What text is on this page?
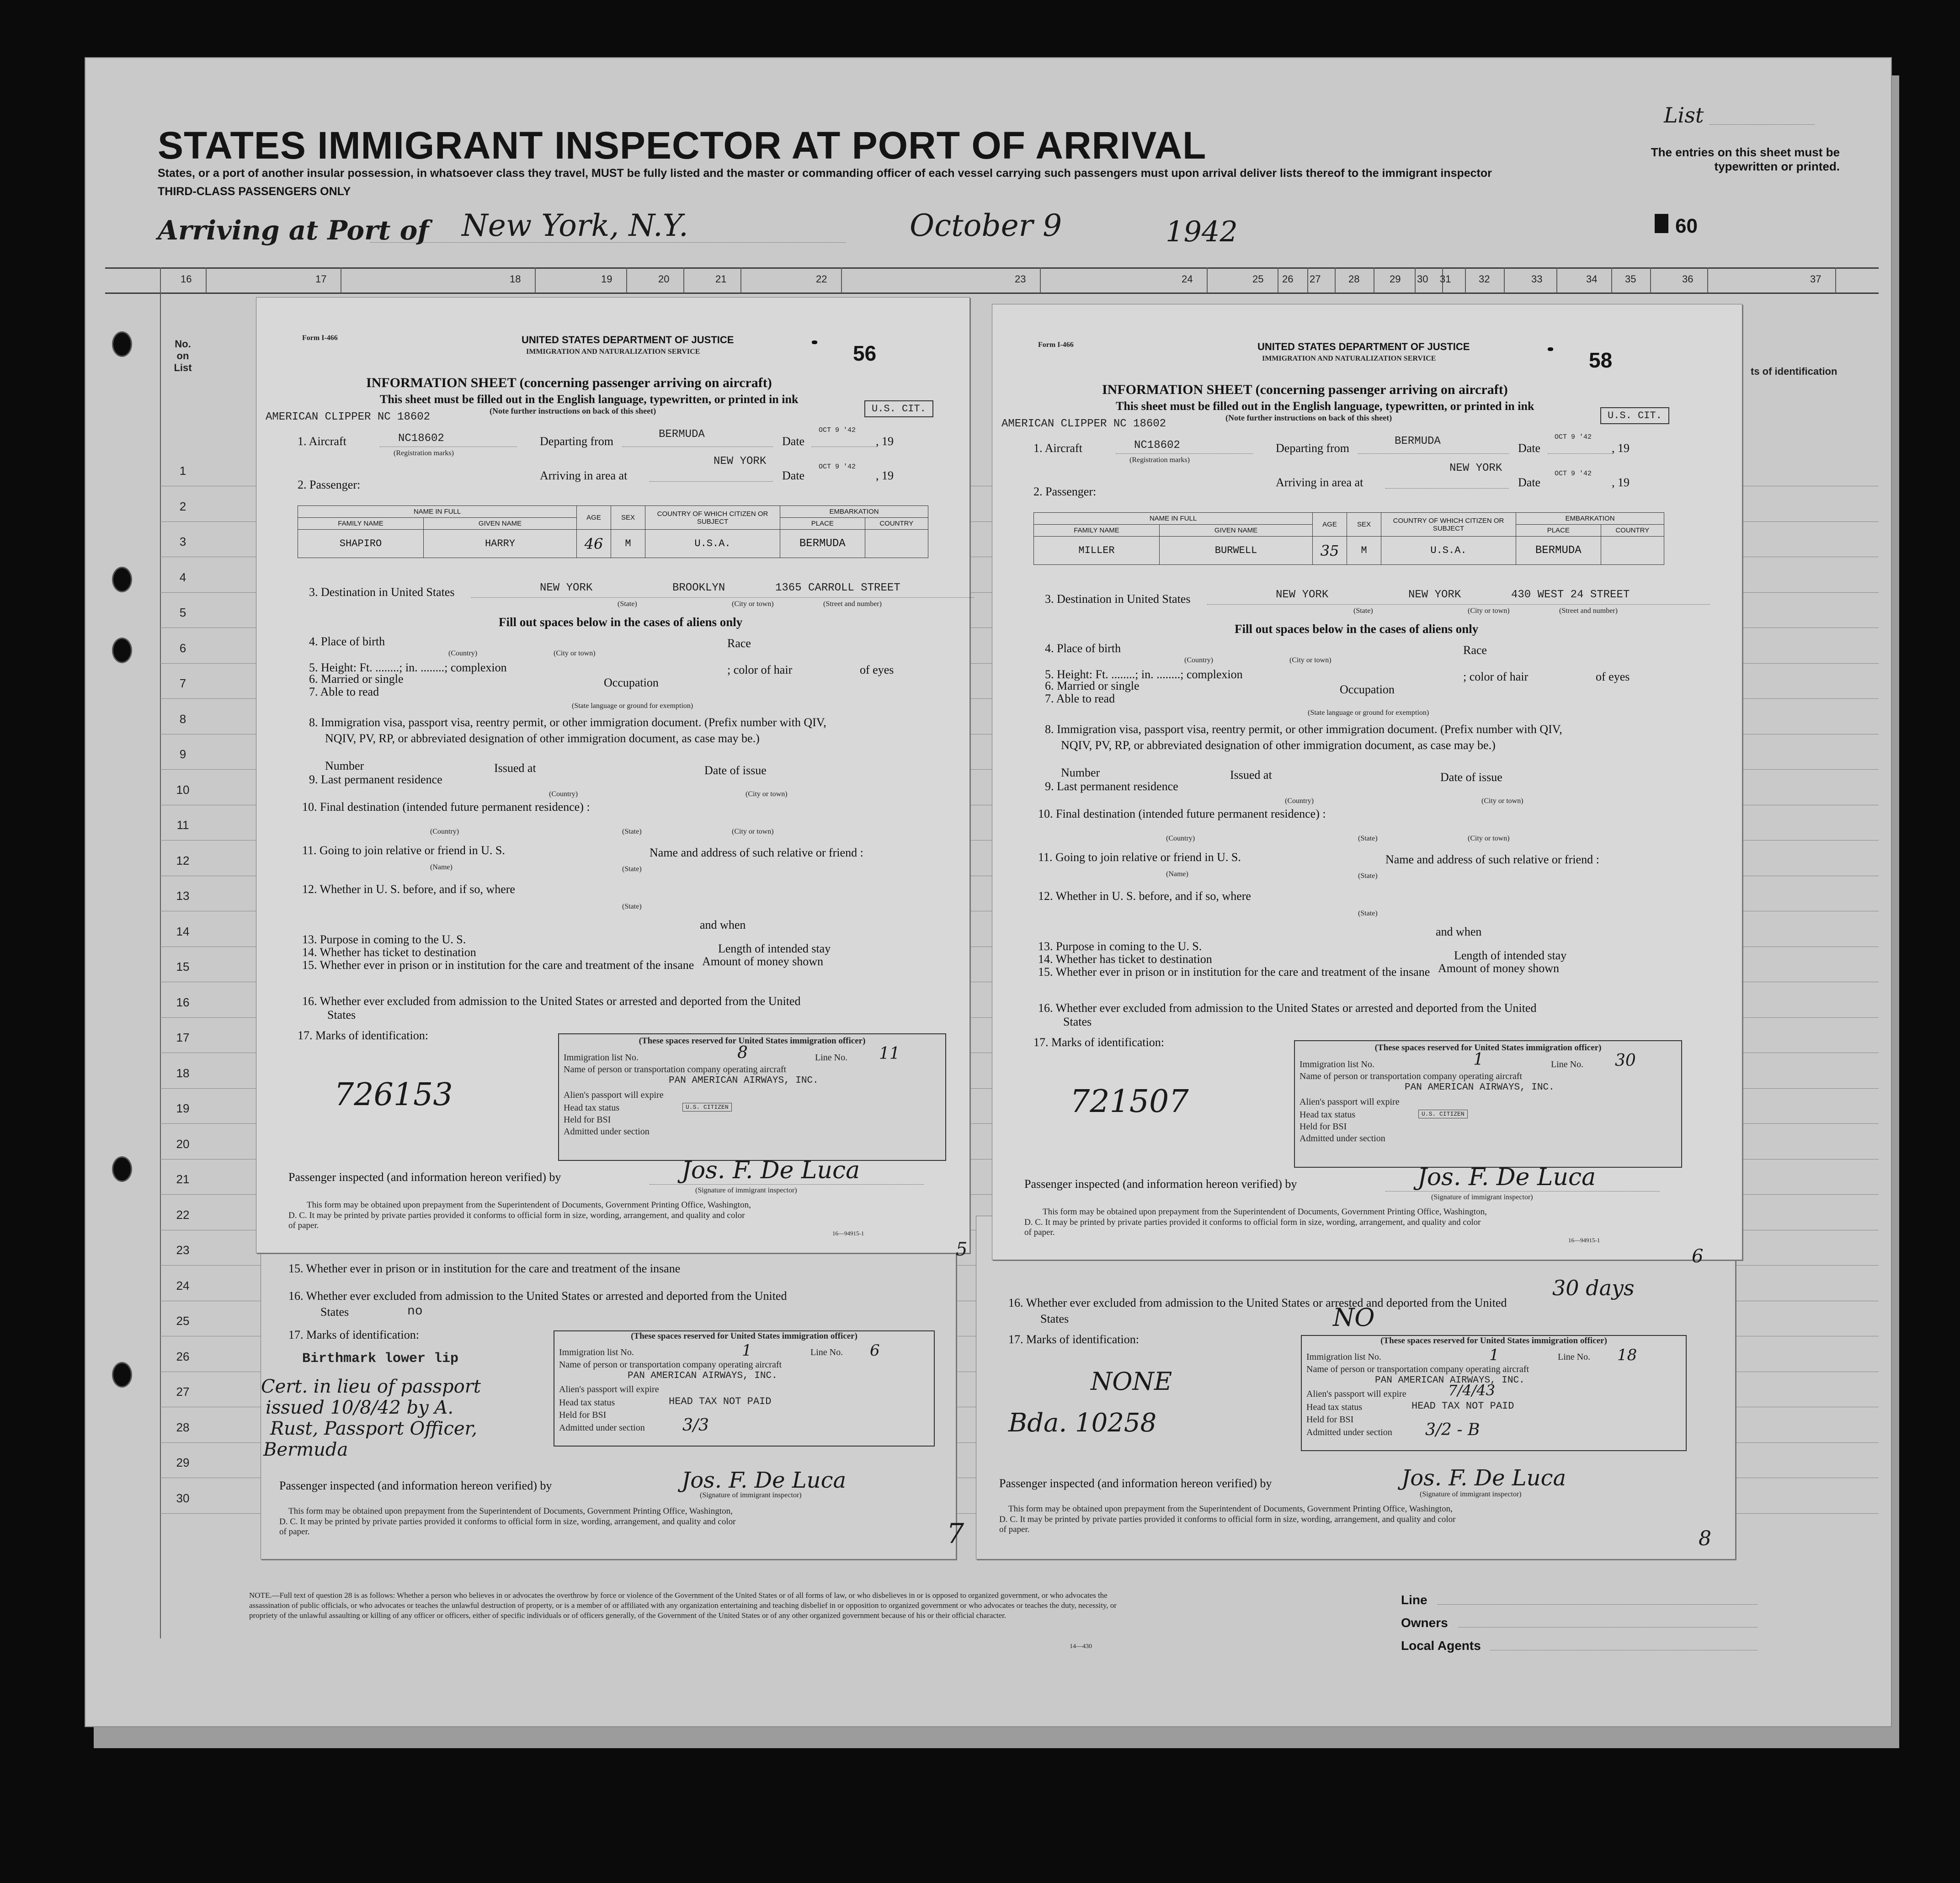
STATES IMMIGRANT INSPECTOR AT PORT OF ARRIVAL
States, or a port of another insular possession, in whatsoever class they travel, MUST be fully listed and the master or commanding officer of each vessel carrying such passengers must upon arrival deliver lists thereof to the immigrant inspector
THIRD-CLASS PASSENGERS ONLY
Arriving at Port of New York, N.Y.	October 9	1942
List
The entries on this sheet must be typewritten or printed.
60
16	17	18	19	20	21	22	23	24	25 26 27	28	29 30 31	32	33	34	35	36	37
No. on List
1
2
3
4
5
6
7
8
9
10
11
12
13
14
15
16
17
18
19
20
21
22
23
24
25
26
27
28
29
30
ts of identification
15. Whether ever in prison or in institution for the care and treatment of the insane
16. Whether ever excluded from admission to the United States or arrested and deported from the United
States	no
17. Marks of identification:
Birthmark lower lip
Cert. in lieu of passport
issued 10/8/42 by A.
Rust, Passport Officer,
Bermuda
(These spaces reserved for United States immigration officer)
Immigration list No.	1	Line No. 6
Name of person or transportation company operating aircraft
PAN AMERICAN AIRWAYS, INC.
Alien's passport will expire
Head tax status	HEAD TAX NOT PAID
Held for BSI
Admitted under section 3/3
Passenger inspected (and information hereon verified) by	Jos. F. De Luca
(Signature of immigrant inspector)
This form may be obtained upon prepayment from the Superintendent of Documents, Government Printing Office, Washington,
D. C. It may be printed by private parties provided it conforms to official form in size, wording, arrangement, and quality and color
of paper.	7
30 days
16. Whether ever excluded from admission to the United States or arrested and deported from the United
States	NO
17. Marks of identification:
NONE
Bda. 10258
(These spaces reserved for United States immigration officer)
Immigration list No.	1	Line No. 18
Name of person or transportation company operating aircraft
PAN AMERICAN AIRWAYS, INC.
Alien's passport will expire	7/4/43
Head tax status	HEAD TAX NOT PAID
Held for BSI
Admitted under section 3/2 - B
Passenger inspected (and information hereon verified) by	Jos. F. De Luca
(Signature of immigrant inspector)
This form may be obtained upon prepayment from the Superintendent of Documents, Government Printing Office, Washington,
D. C. It may be printed by private parties provided it conforms to official form in size, wording, arrangement, and quality and color
of paper.	8
Form I-466	UNITED STATES DEPARTMENT OF JUSTICE
IMMIGRATION AND NATURALIZATION SERVICE	56
INFORMATION SHEET (concerning passenger arriving on aircraft)
This sheet must be filled out in the English language, typewritten, or printed in ink
(Note further instructions on back of this sheet)
AMERICAN CLIPPER NC 18602
U.S. CIT.
1. Aircraft	NC18602
(Registration marks)
Departing from
BERMUDA
Date
OCT 9 '42
, 19
NEW YORK
Arriving in area at	Date
OCT 9 '42
, 19
2. Passenger:
NAME IN FULL		AGE	SEX	COUNTRY OF WHICH CITIZEN OR SUBJECT	EMBARKATION	
FAMILY NAME	GIVEN NAME				PLACE	COUNTRY
SHAPIRO	HARRY	46	M	U.S.A.	BERMUDA	
3. Destination in United States	NEW YORK	BROOKLYN	1365 CARROLL STREET
(State)	(City or town)	(Street and number)
Fill out spaces below in the cases of aliens only
4. Place of birth	Race
(Country)	(City or town)
5. Height: Ft. ........; in. ........; complexion	; color of hair	of eyes
6. Married or single	Occupation
7. Able to read
(State language or ground for exemption)
8. Immigration visa, passport visa, reentry permit, or other immigration document. (Prefix number with QIV,
NQIV, PV, RP, or abbreviated designation of other immigration document, as case may be.)
Number	Issued at	Date of issue
9. Last permanent residence
(Country)	(City or town)
10. Final destination (intended future permanent residence) :
(Country)	(State)	(City or town)
11. Going to join relative or friend in U. S.	Name and address of such relative or friend :
(Name)	(State)
12. Whether in U. S. before, and if so, where
(State)
and when
13. Purpose in coming to the U. S.
Length of intended stay
14. Whether has ticket to destination
Amount of money shown
15. Whether ever in prison or in institution for the care and treatment of the insane
16. Whether ever excluded from admission to the United States or arrested and deported from the United
States
17. Marks of identification:
726153
(These spaces reserved for United States immigration officer)
Immigration list No.	8	Line No. 11
Name of person or transportation company operating aircraft
PAN AMERICAN AIRWAYS, INC.
Alien's passport will expire
Head tax status	U.S. CITIZEN
Held for BSI
Admitted under section
Passenger inspected (and information hereon verified) by	Jos. F. De Luca
(Signature of immigrant inspector)
This form may be obtained upon prepayment from the Superintendent of Documents, Government Printing Office, Washington,
D. C. It may be printed by private parties provided it conforms to official form in size, wording, arrangement, and quality and color
of paper.
16—94915-1
5
Form I-466	UNITED STATES DEPARTMENT OF JUSTICE
IMMIGRATION AND NATURALIZATION SERVICE	58
INFORMATION SHEET (concerning passenger arriving on aircraft)
This sheet must be filled out in the English language, typewritten, or printed in ink
(Note further instructions on back of this sheet)
AMERICAN CLIPPER NC 18602
U.S. CIT.
1. Aircraft	NC18602
(Registration marks)
Departing from
BERMUDA
Date
OCT 9 '42
, 19
NEW YORK
Arriving in area at	Date
OCT 9 '42
, 19
2. Passenger:
NAME IN FULL		AGE	SEX	COUNTRY OF WHICH CITIZEN OR SUBJECT	EMBARKATION	
FAMILY NAME	GIVEN NAME				PLACE	COUNTRY
MILLER	BURWELL	35	M	U.S.A.	BERMUDA	
3. Destination in United States	NEW YORK	NEW YORK	430 WEST 24 STREET
(State)	(City or town)	(Street and number)
Fill out spaces below in the cases of aliens only
4. Place of birth	Race
(Country)	(City or town)
5. Height: Ft. ........; in. ........; complexion	; color of hair	of eyes
6. Married or single	Occupation
7. Able to read
(State language or ground for exemption)
8. Immigration visa, passport visa, reentry permit, or other immigration document. (Prefix number with QIV,
NQIV, PV, RP, or abbreviated designation of other immigration document, as case may be.)
Number	Issued at	Date of issue
9. Last permanent residence
(Country)	(City or town)
10. Final destination (intended future permanent residence) :
(Country)	(State)	(City or town)
11. Going to join relative or friend in U. S.	Name and address of such relative or friend :
(Name)	(State)
12. Whether in U. S. before, and if so, where
(State)
and when
13. Purpose in coming to the U. S.
Length of intended stay
14. Whether has ticket to destination
Amount of money shown
15. Whether ever in prison or in institution for the care and treatment of the insane
16. Whether ever excluded from admission to the United States or arrested and deported from the United
States
17. Marks of identification:
721507
(These spaces reserved for United States immigration officer)
Immigration list No.	1	Line No. 30
Name of person or transportation company operating aircraft
PAN AMERICAN AIRWAYS, INC.
Alien's passport will expire
Head tax status	U.S. CITIZEN
Held for BSI
Admitted under section
Passenger inspected (and information hereon verified) by	Jos. F. De Luca
(Signature of immigrant inspector)
This form may be obtained upon prepayment from the Superintendent of Documents, Government Printing Office, Washington,
D. C. It may be printed by private parties provided it conforms to official form in size, wording, arrangement, and quality and color
of paper.
16—94915-1
6
NOTE.—Full text of question 28 is as follows: Whether a person who believes in or advocates the overthrow by force or violence of the Government of the United States or of all forms of law, or who disbelieves in or is opposed to organized government, or who advocates the assassination of public officials, or who advocates or teaches the unlawful destruction of property, or is a member of or affiliated with any organization entertaining and teaching disbelief in or opposition to organized government or who advocates or teaches the duty, necessity, or propriety of the unlawful assaulting or killing of any officer or officers, either of specific individuals or of officers generally, of the Government of the United States or of any other organized government because of his or their official character.
14—430
Line
Owners
Local Agents
